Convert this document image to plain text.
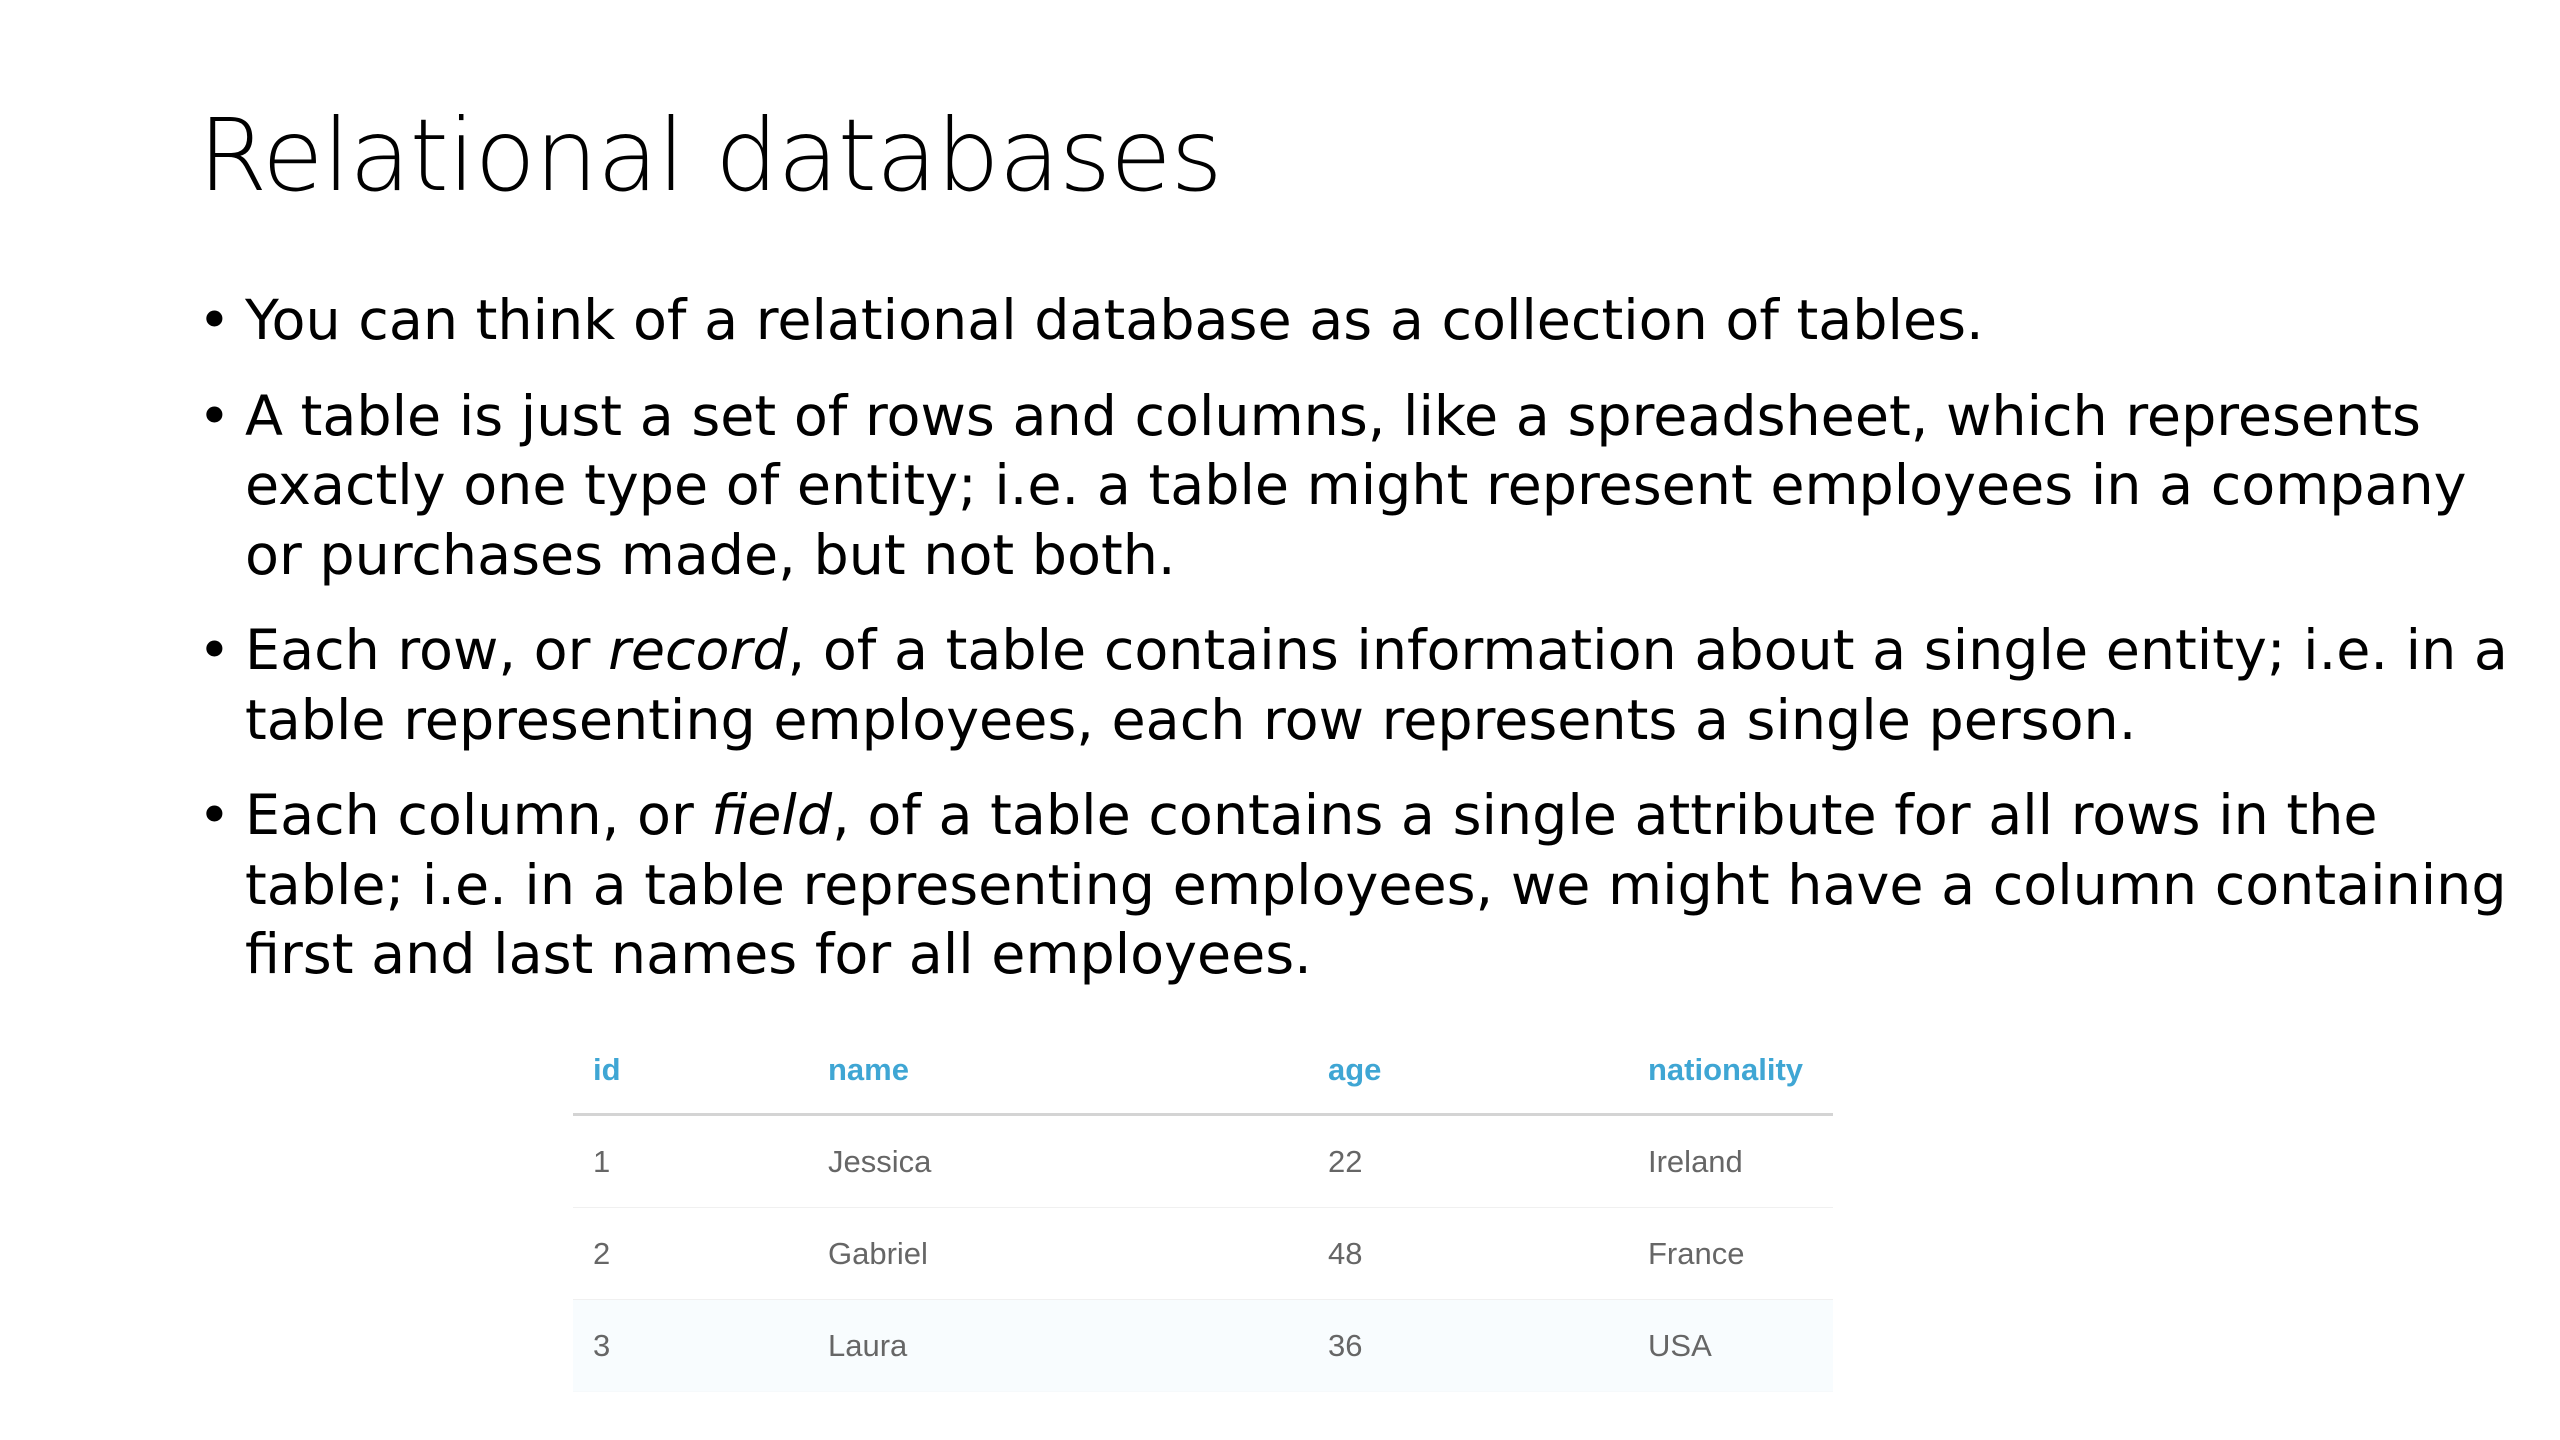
Relational databases
• You can think of a relational database as a collection of tables.
• A table is just a set of rows and columns, like a spreadsheet, which represents exactly one type of entity; i.e. a table might represent employees in a company or purchases made, but not both.
• Each row, or record, of a table contains information about a single entity; i.e. in a table representing employees, each row represents a single person.
• Each column, or field, of a table contains a single attribute for all rows in the table; i.e. in a table representing employees, we might have a column containing first and last names for all employees.
id	name	age	nationality
1	Jessica	22	Ireland
2	Gabriel	48	France
3	Laura	36	USA
